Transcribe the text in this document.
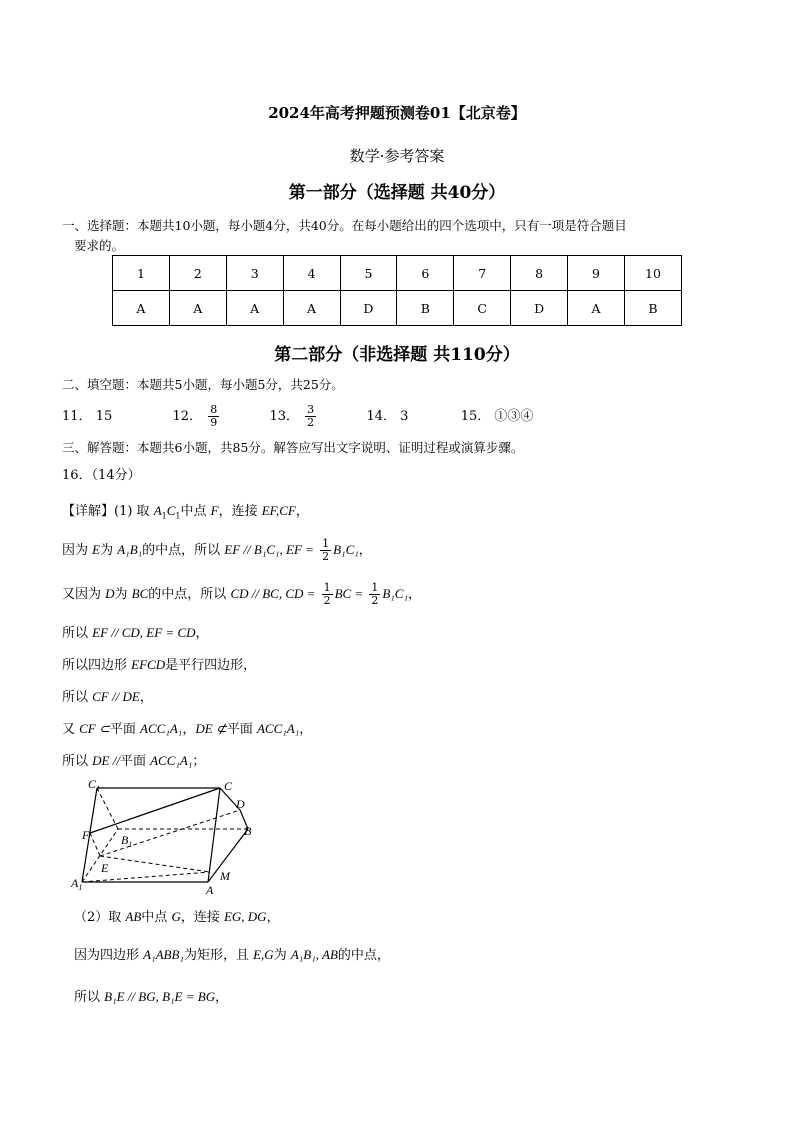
2024年高考押题预测卷01【北京卷】
数学·参考答案
第一部分（选择题 共40分）
一、选择题：本题共10小题，每小题4分，共40分。在每小题给出的四个选项中，只有一项是符合题目
要求的。
1	2	3	4	5	6	7	8	9	10
A	A	A	A	D	B	C	D	A	B
第二部分（非选择题 共110分）
二、填空题：本题共5小题，每小题5分，共25分。
11． 15	12． $\frac{8}{9}$	13． $\frac{3}{2}$	14． 3	15． ①③④
三、解答题：本题共6小题，共85分。解答应写出文字说明、证明过程或演算步骤。
16．（14分）
【详解】(1) 取 $A_1C_1$中点 F，连接 EF,CF，
因为 E为 A₁B₁的中点，所以 EF // B₁C₁, EF = $\frac{1}{2} B_1C_1$，
又因为 D为 BC的中点，所以 CD // BC, CD = $\frac{1}{2}$ BC = $\frac{1}{2} B_1C_1$，
所以 EF // CD, EF = CD，
所以四边形 EFCD是平行四边形，
所以 CF // DE，
又 CF ⊂平面 ACC₁A₁，DE ⊄平面 ACC₁A₁，
所以 DE //平面 ACC₁A₁；
$C_1$	C
D
B
F	$B_1$
E
$A_1$
M
A
（2）取 AB中点 G，连接 EG, DG，
因为四边形 A₁ABB₁为矩形，且 E,G为 A₁B₁, AB的中点，
所以 B₁E // BG, B₁E = BG，
